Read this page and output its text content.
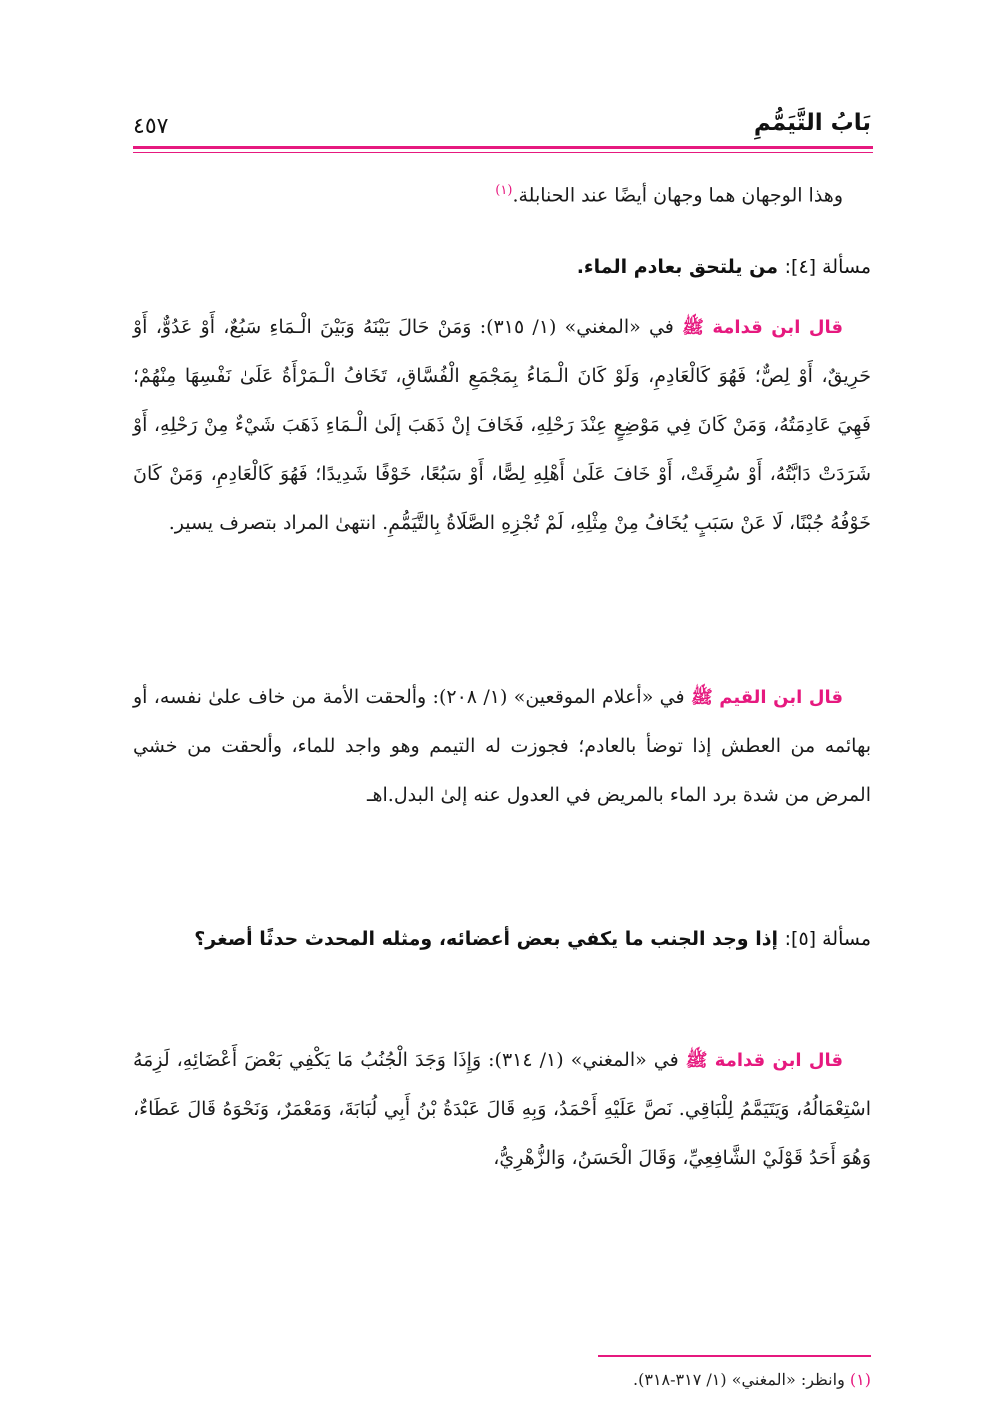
بَابُ التَّيَمُّمِ
٤٥٧

وهذا الوجهان هما وجهان أيضًا عند الحنابلة.$^{(١)}$

مسألة [٤]: من يلتحق بعادم الماء.

قال ابن قدامة ﷺ في «المغني» (١/ ٣١٥): وَمَنْ حَالَ بَيْنَهُ وَبَيْنَ الْـمَاءِ سَبُعٌ، أَوْ عَدُوٌّ، أَوْ حَرِيقٌ، أَوْ لِصٌّ؛ فَهُوَ كَالْعَادِمِ، وَلَوْ كَانَ الْـمَاءُ بِمَجْمَعِ الْفُسَّاقِ، تَخَافُ الْـمَرْأَةُ عَلَىٰ نَفْسِهَا مِنْهُمْ؛ فَهِيَ عَادِمَتُهُ، وَمَنْ كَانَ فِي مَوْضِعٍ عِنْدَ رَحْلِهِ، فَخَافَ إنْ ذَهَبَ إلَىٰ الْـمَاءِ ذَهَبَ شَيْءٌ مِنْ رَحْلِهِ، أَوْ شَرَدَتْ دَابَّتُهُ، أَوْ سُرِقَتْ، أَوْ خَافَ عَلَىٰ أَهْلِهِ لِصًّا، أَوْ سَبُعًا، خَوْفًا شَدِيدًا؛ فَهُوَ كَالْعَادِمِ، وَمَنْ كَانَ خَوْفُهُ جُبْنًا، لَا عَنْ سَبَبٍ يُخَافُ مِنْ مِثْلِهِ، لَمْ تُجْزِهِ الصَّلَاةُ بِالتَّيَمُّمِ. انتهىٰ المراد بتصرف يسير.

قال ابن القيم ﷺ في «أعلام الموقعين» (١/ ٢٠٨): وألحقت الأمة من خاف علىٰ نفسه، أو بهائمه من العطش إذا توضأ بالعادم؛ فجوزت له التيمم وهو واجد للماء، وألحقت من خشي المرض من شدة برد الماء بالمريض في العدول عنه إلىٰ البدل.اهـ

مسألة [٥]: إذا وجد الجنب ما يكفي بعض أعضائه، ومثله المحدث حدثًا أصغر؟

قال ابن قدامة ﷺ في «المغني» (١/ ٣١٤): وَإِذَا وَجَدَ الْجُنُبُ مَا يَكْفِي بَعْضَ أَعْضَائِهِ، لَزِمَهُ اسْتِعْمَالُهُ، وَيَتَيَمَّمُ لِلْبَاقِي. نَصَّ عَلَيْهِ أَحْمَدُ، وَبِهِ قَالَ عَبْدَةُ بْنُ أَبِي لُبَابَةَ، وَمَعْمَرٌ، وَنَحْوَهُ قَالَ عَطَاءٌ، وَهُوَ أَحَدُ قَوْلَيْ الشَّافِعِيِّ، وَقَالَ الْحَسَنُ، وَالزُّهْرِيُّ،

(١) وانظر: «المغني» (١/ ٣١٧-٣١٨).
